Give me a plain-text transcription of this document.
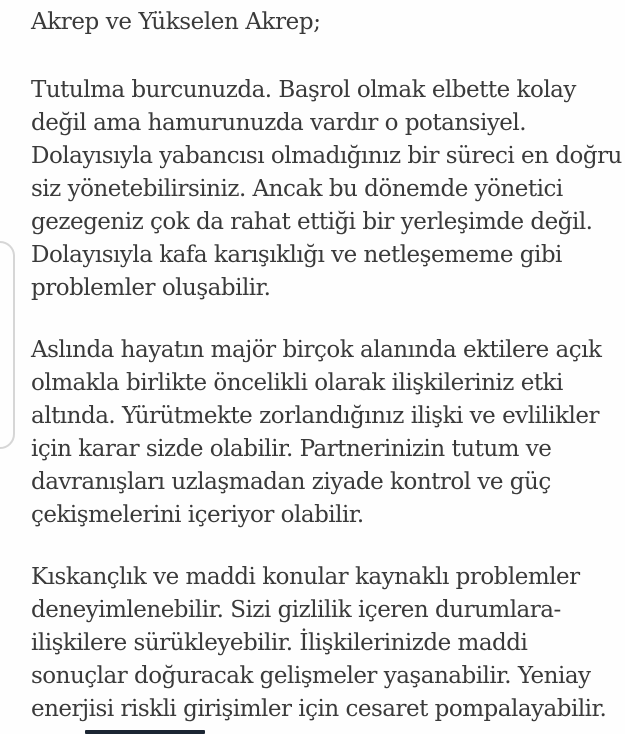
Akrep ve Yükselen Akrep;
Tutulma burcunuzda. Başrol olmak elbette kolay
değil ama hamurunuzda vardır o potansiyel.
Dolayısıyla yabancısı olmadığınız bir süreci en doğru
siz yönetebilirsiniz. Ancak bu dönemde yönetici
gezegeniz çok da rahat ettiği bir yerleşimde değil.
Dolayısıyla kafa karışıklığı ve netleşememe gibi
problemler oluşabilir.
Aslında hayatın majör birçok alanında ektilere açık
olmakla birlikte öncelikli olarak ilişkileriniz etki
altında. Yürütmekte zorlandığınız ilişki ve evlilikler
için karar sizde olabilir. Partnerinizin tutum ve
davranışları uzlaşmadan ziyade kontrol ve güç
çekişmelerini içeriyor olabilir.
Kıskançlık ve maddi konular kaynaklı problemler
deneyimlenebilir. Sizi gizlilik içeren durumlara-
ilişkilere sürükleyebilir. İlişkilerinizde maddi
sonuçlar doğuracak gelişmeler yaşanabilir. Yeniay
enerjisi riskli girişimler için cesaret pompalayabilir.
